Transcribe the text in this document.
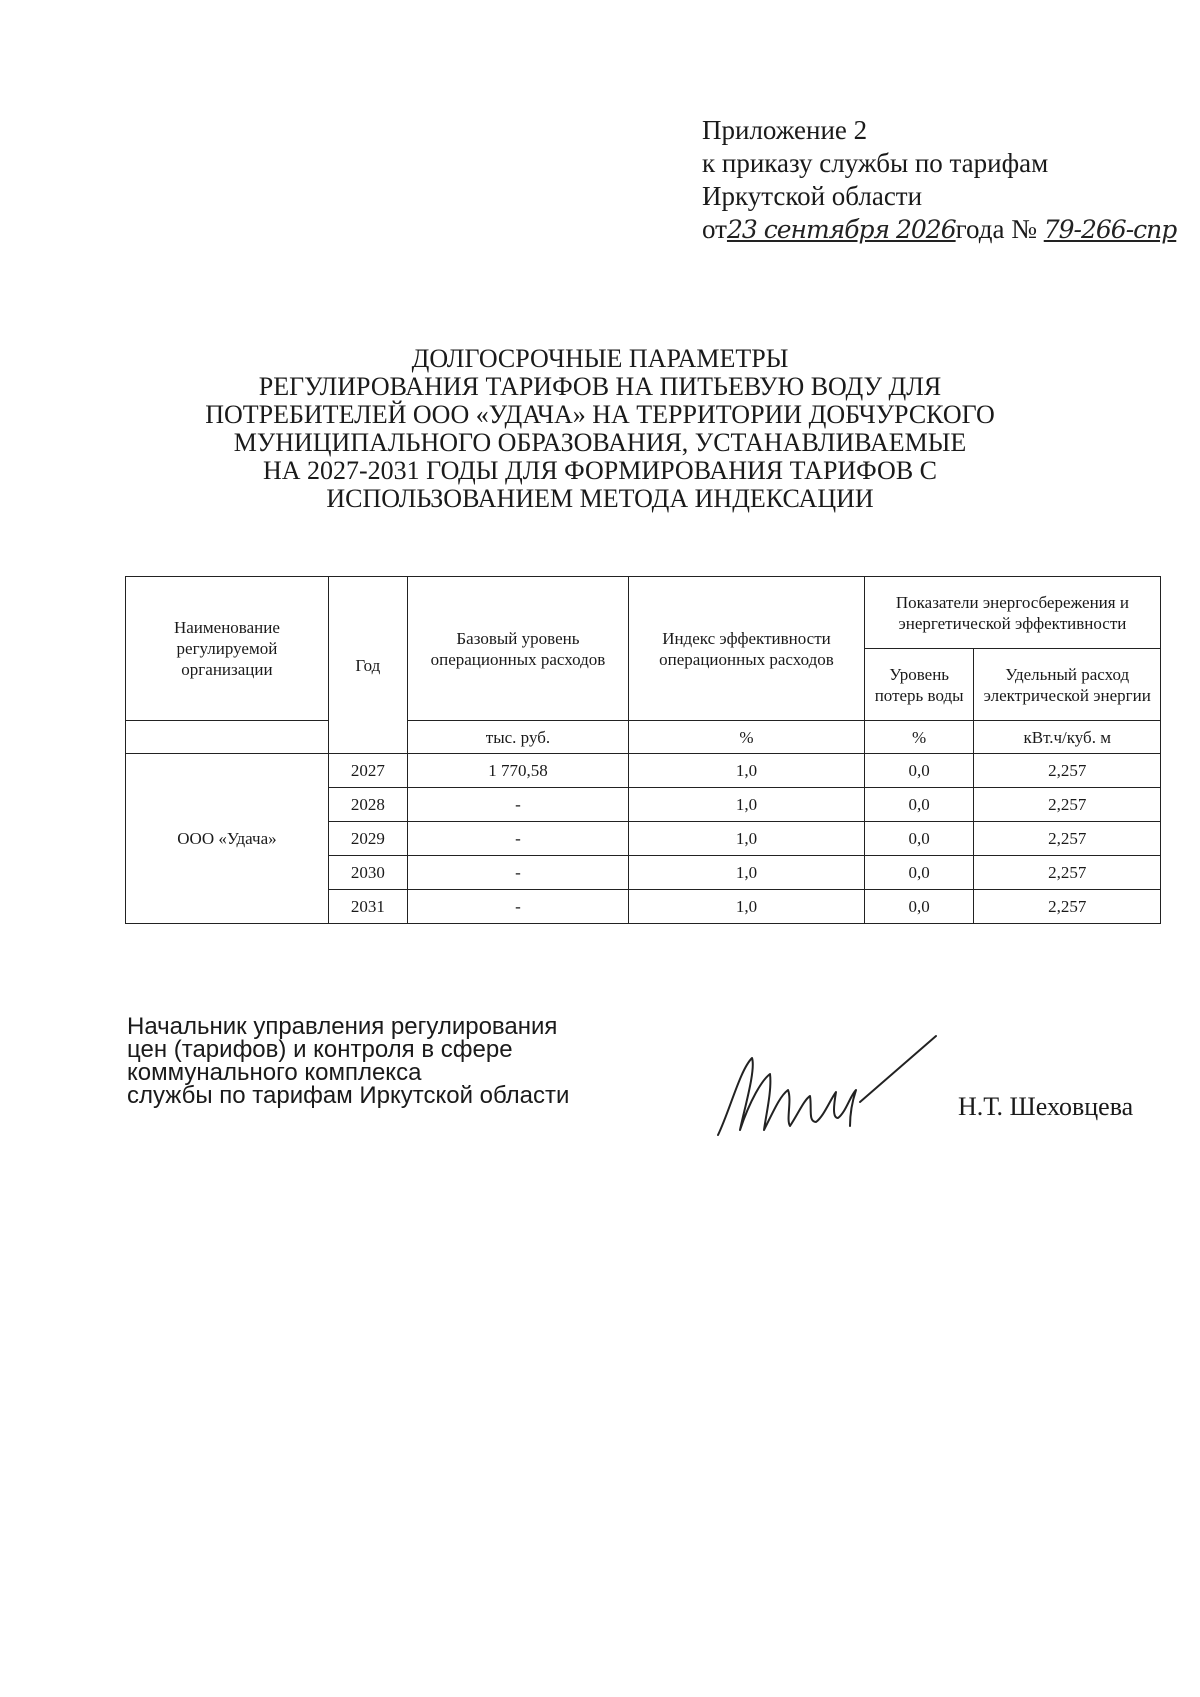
Приложение 2
к приказу службы по тарифам
Иркутской области
от23 сентября 2026года № 79-266-спр
ДОЛГОСРОЧНЫЕ ПАРАМЕТРЫ
РЕГУЛИРОВАНИЯ ТАРИФОВ НА ПИТЬЕВУЮ ВОДУ ДЛЯ
ПОТРЕБИТЕЛЕЙ ООО «УДАЧА» НА ТЕРРИТОРИИ ДОБЧУРСКОГО
МУНИЦИПАЛЬНОГО ОБРАЗОВАНИЯ, УСТАНАВЛИВАЕМЫЕ
НА 2027-2031 ГОДЫ ДЛЯ ФОРМИРОВАНИЯ ТАРИФОВ С
ИСПОЛЬЗОВАНИЕМ МЕТОДА ИНДЕКСАЦИИ
Наименование регулируемой организации	Год	Базовый уровень операционных расходов	Индекс эффективности операционных расходов	Показатели энергосбережения и энергетической эффективности	
				Уровень потерь воды	Удельный расход электрической энергии
		тыс. руб.	%	%	кВт.ч/куб. м
ООО «Удача»	2027	1 770,58	1,0	0,0	2,257
	2028	-	1,0	0,0	2,257
	2029	-	1,0	0,0	2,257
	2030	-	1,0	0,0	2,257
	2031	-	1,0	0,0	2,257
Начальник управления регулирования
цен (тарифов) и контроля в сфере
коммунального комплекса
службы по тарифам Иркутской области	Н.Т. Шеховцева
